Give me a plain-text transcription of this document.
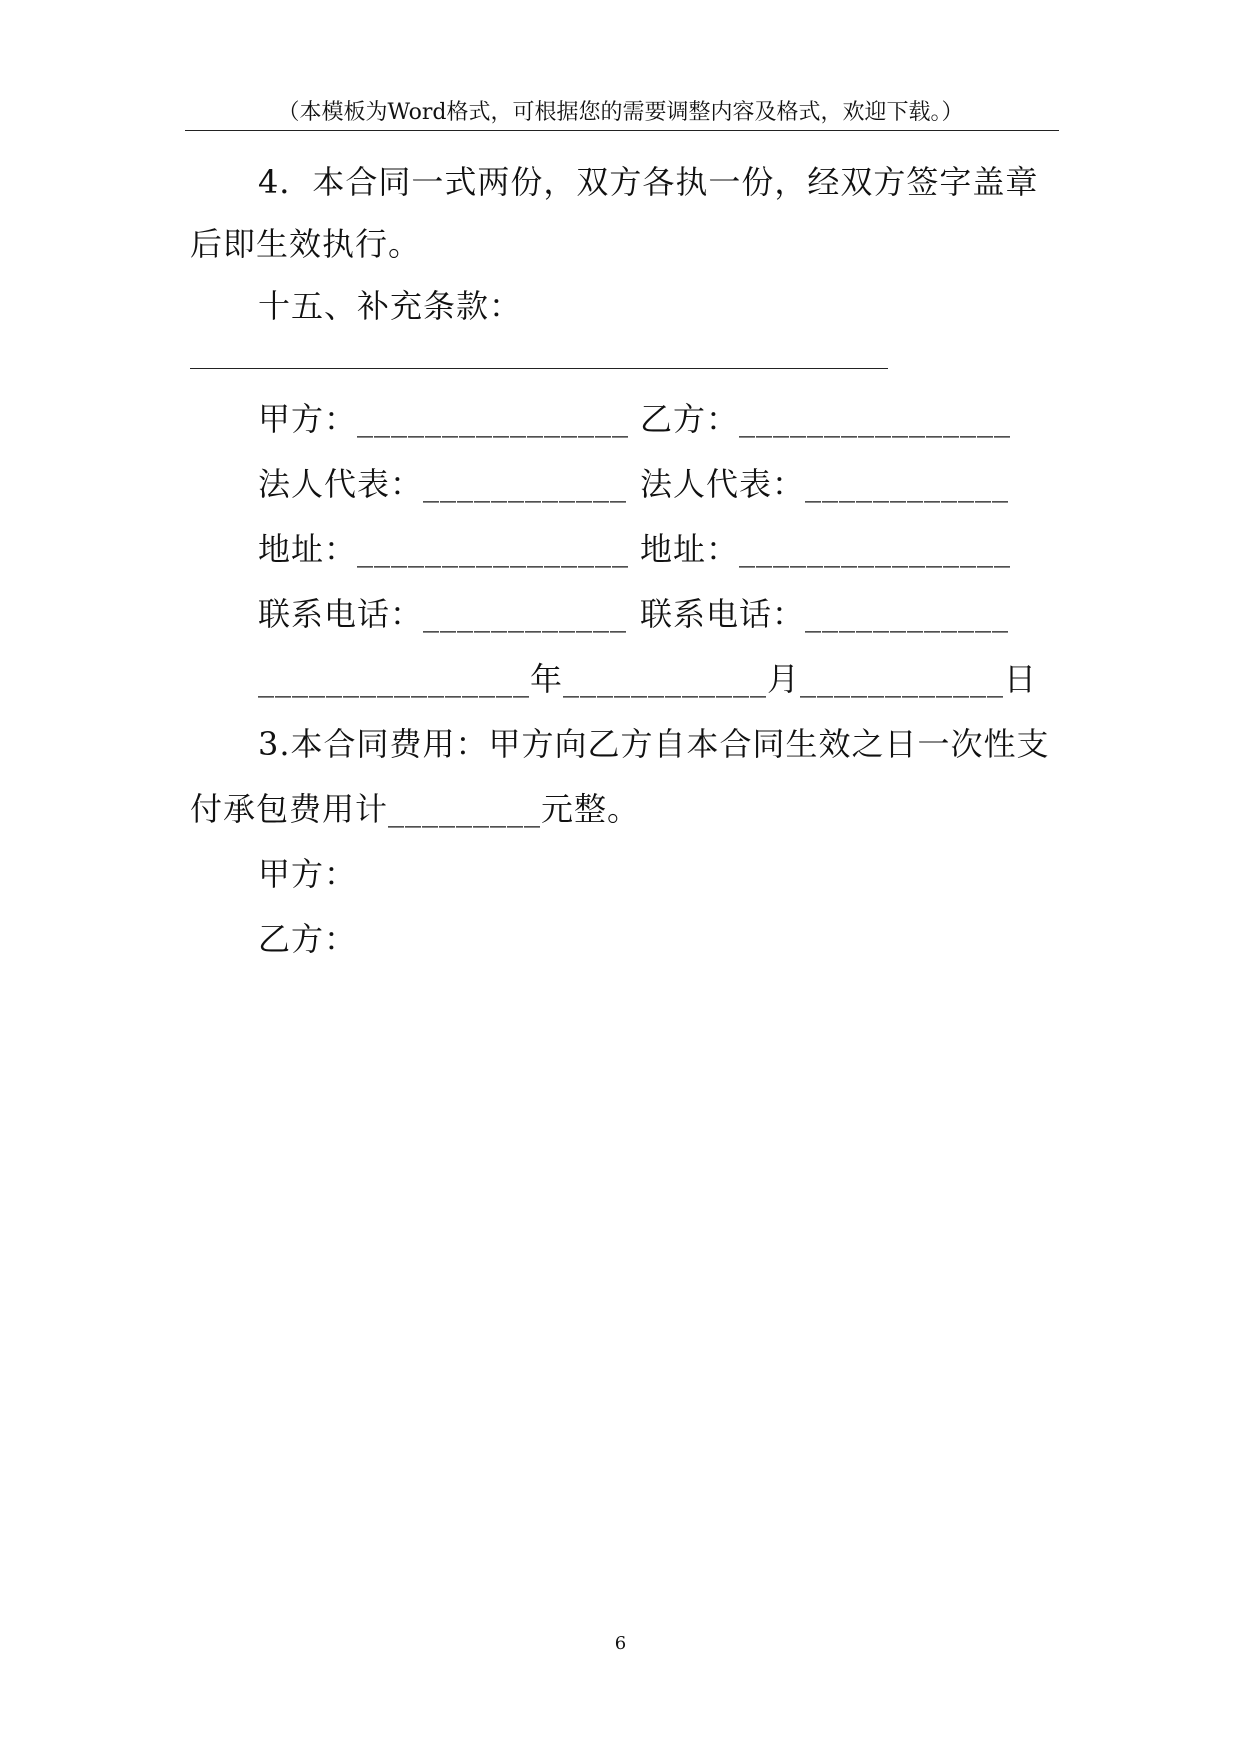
（本模板为Word格式，可根据您的需要调整内容及格式，欢迎下载。）
4．本合同一式两份，双方各执一份，经双方签字盖章
后即生效执行。
十五、补充条款：
甲方：________________ 乙方：________________
法人代表：____________ 法人代表：____________
地址：________________ 地址：________________
联系电话：____________ 联系电话：____________
________________年____________月____________日
3.本合同费用：甲方向乙方自本合同生效之日一次性支
付承包费用计_________元整。
甲方：
乙方：
6
